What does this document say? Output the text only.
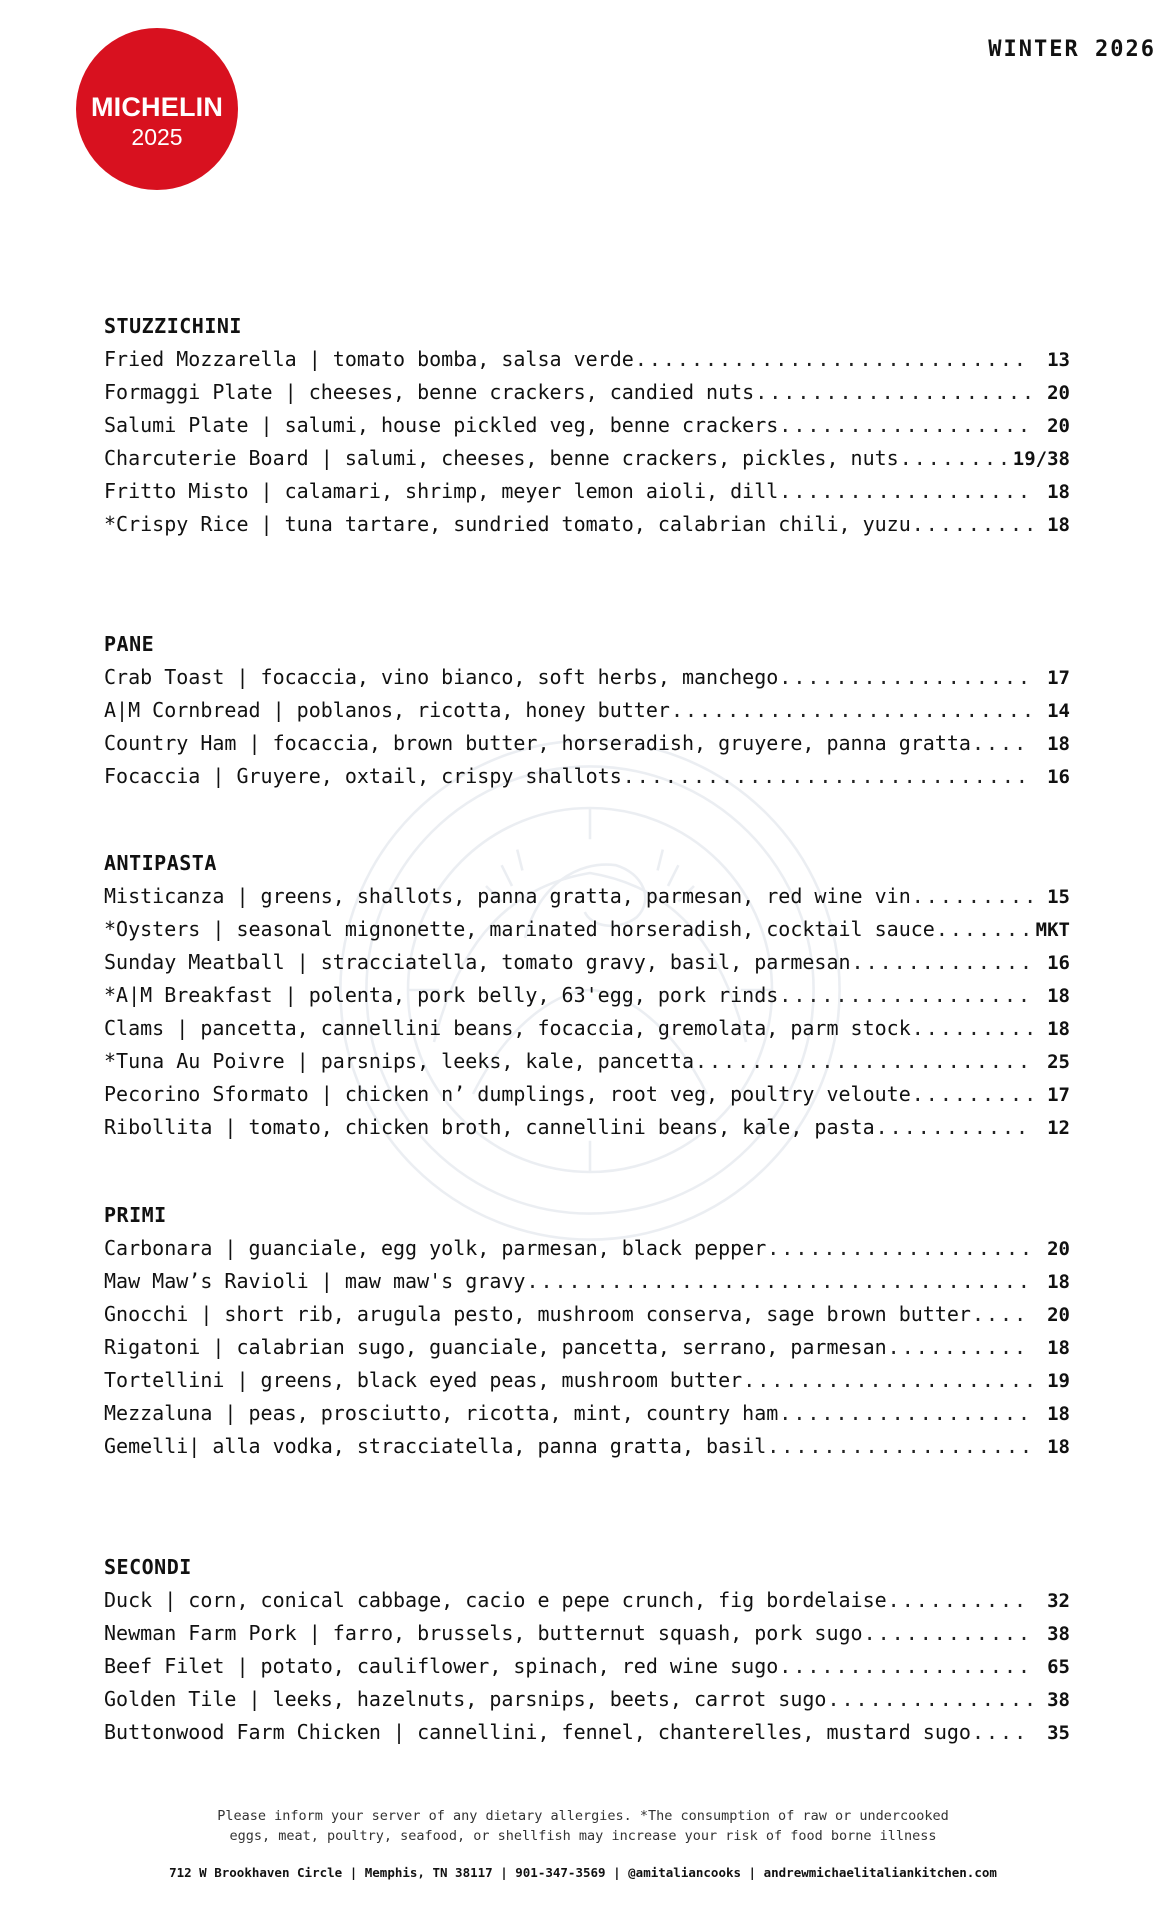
MICHELIN
2025
WINTER 2026
STUZZICHINI
Fried Mozzarella | tomato bomba, salsa verde .....	13
Formaggi Plate | cheeses, benne crackers, candied nuts .....	20
Salumi Plate | salumi, house pickled veg, benne crackers .....	20
Charcuterie Board | salumi, cheeses, benne crackers, pickles, nuts .....	19/38
Fritto Misto | calamari, shrimp, meyer lemon aioli, dill .....	18
*Crispy Rice | tuna tartare, sundried tomato, calabrian chili, yuzu .....	18
PANE
Crab Toast | focaccia, vino bianco, soft herbs, manchego .....	17
A|M Cornbread | poblanos, ricotta, honey butter .....	14
Country Ham | focaccia, brown butter, horseradish, gruyere, panna gratta .....	18
Focaccia | Gruyere, oxtail, crispy shallots .....	16
ANTIPASTA
Misticanza | greens, shallots, panna gratta, parmesan, red wine vin .....	15
*Oysters | seasonal mignonette, marinated horseradish, cocktail sauce .....	MKT
Sunday Meatball | stracciatella, tomato gravy, basil, parmesan .....	16
*A|M Breakfast | polenta, pork belly, 63'egg, pork rinds .....	18
Clams | pancetta, cannellini beans, focaccia, gremolata, parm stock .....	18
*Tuna Au Poivre | parsnips, leeks, kale, pancetta .....	25
Pecorino Sformato | chicken n’ dumplings, root veg, poultry veloute .....	17
Ribollita | tomato, chicken broth, cannellini beans, kale, pasta .....	12
PRIMI
Carbonara | guanciale, egg yolk, parmesan, black pepper .....	20
Maw Maw’s Ravioli | maw maw's gravy .....	18
Gnocchi | short rib, arugula pesto, mushroom conserva, sage brown butter .....	20
Rigatoni | calabrian sugo, guanciale, pancetta, serrano, parmesan .....	18
Tortellini | greens, black eyed peas, mushroom butter .....	19
Mezzaluna | peas, prosciutto, ricotta, mint, country ham .....	18
Gemelli| alla vodka, stracciatella, panna gratta, basil .....	18
SECONDI
Duck | corn, conical cabbage, cacio e pepe crunch, fig bordelaise .....	32
Newman Farm Pork | farro, brussels, butternut squash, pork sugo .....	38
Beef Filet | potato, cauliflower, spinach, red wine sugo .....	65
Golden Tile | leeks, hazelnuts, parsnips, beets, carrot sugo .....	38
Buttonwood Farm Chicken | cannellini, fennel, chanterelles, mustard sugo .....	35
Please inform your server of any dietary allergies. *The consumption of raw or undercooked
eggs, meat, poultry, seafood, or shellfish may increase your risk of food borne illness
712 W Brookhaven Circle | Memphis, TN 38117 | 901-347-3569 | @amitaliancooks | andrewmichaelitaliankitchen.com
